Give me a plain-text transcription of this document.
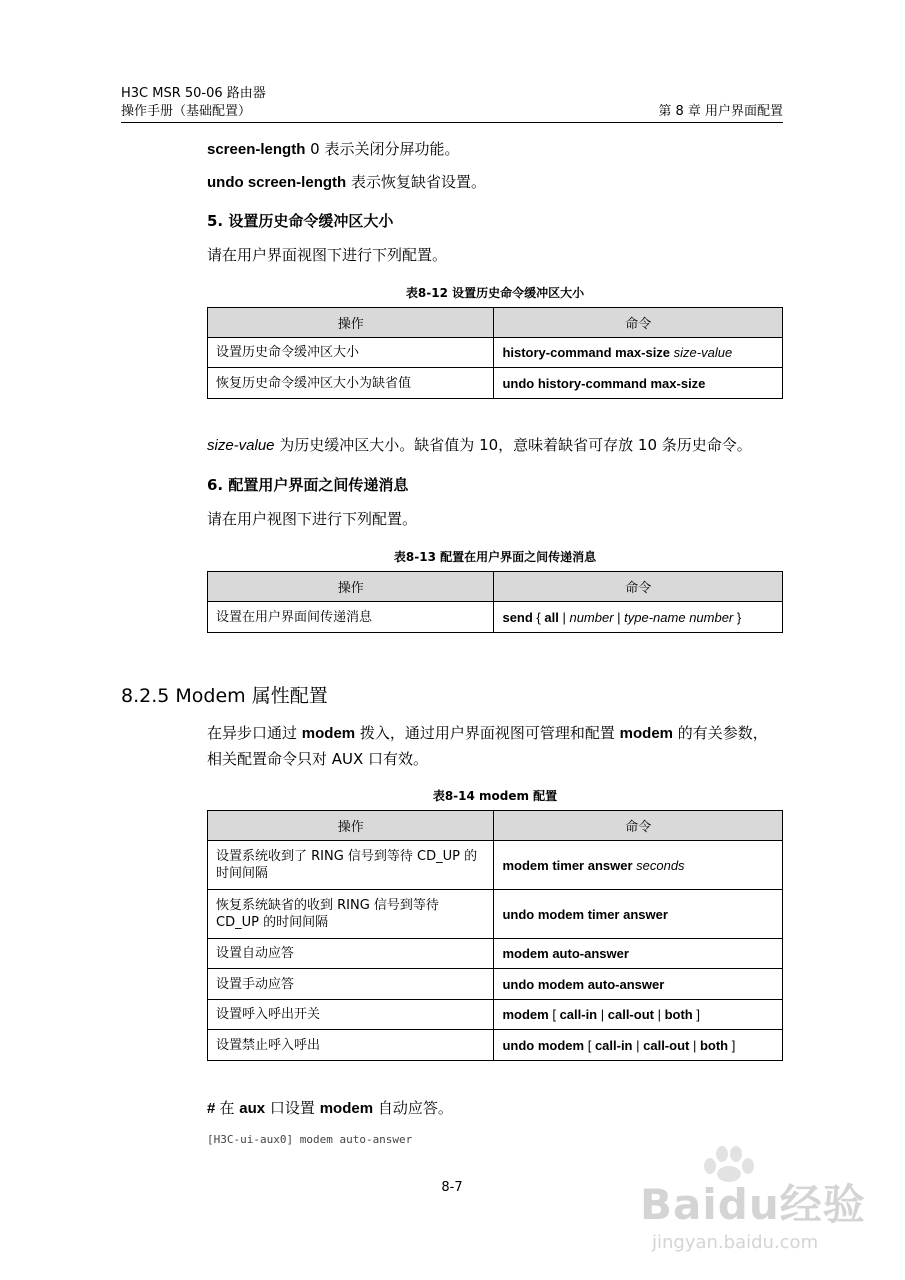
H3C MSR 50-06 路由器
操作手册（基础配置）	第 8 章 用户界面配置
screen-length 0 表示关闭分屏功能。
undo screen-length 表示恢复缺省设置。
5. 设置历史命令缓冲区大小
请在用户界面视图下进行下列配置。
表8-12 设置历史命令缓冲区大小
操作	命令
设置历史命令缓冲区大小	history-command max-size size-value
恢复历史命令缓冲区大小为缺省值	undo history-command max-size
size-value 为历史缓冲区大小。缺省值为 10，意味着缺省可存放 10 条历史命令。
6. 配置用户界面之间传递消息
请在用户视图下进行下列配置。
表8-13 配置在用户界面之间传递消息
操作	命令
设置在用户界面间传递消息	send { all | number | type-name number }
8.2.5 Modem 属性配置
在异步口通过 modem 拨入，通过用户界面视图可管理和配置 modem 的有关参数，
相关配置命令只对 AUX 口有效。
表8-14 modem 配置
操作	命令

设置系统收到了 RING 信号到等待 CD_UP 的
时间间隔	modem timer answer seconds

恢复系统缺省的收到 RING 信号到等待
CD_UP 的时间间隔	undo modem timer answer
设置自动应答	modem auto-answer
设置手动应答	undo modem auto-answer
设置呼入呼出开关	modem [ call-in | call-out | both ]
设置禁止呼入呼出	undo modem [ call-in | call-out | both ]
# 在 aux 口设置 modem 自动应答。
[H3C-ui-aux0] modem auto-answer
8-7	Baidu经验
jingyan.baidu.com
